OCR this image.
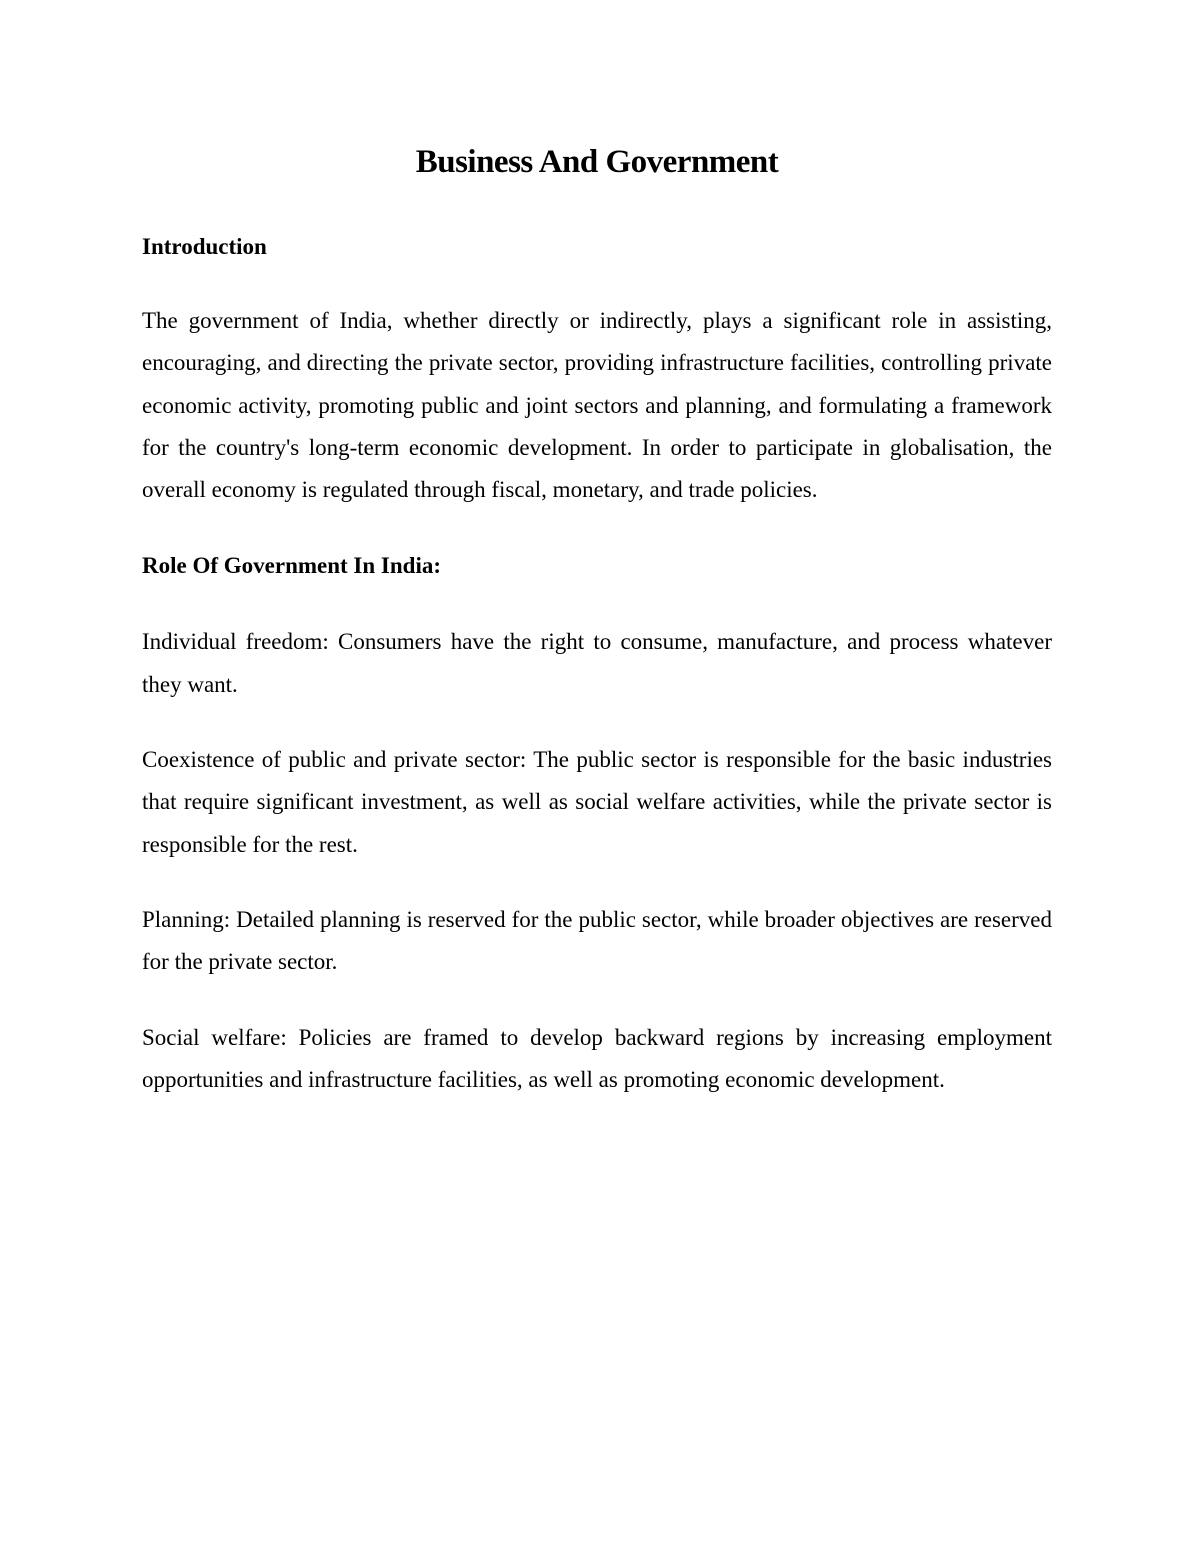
Business And Government
Introduction

The government of India, whether directly or indirectly, plays a significant role in assisting, encouraging, and directing the private sector, providing infrastructure facilities, controlling private economic activity, promoting public and joint sectors and planning, and formulating a framework for the country's long-term economic development. In order to participate in globalisation, the overall economy is regulated through fiscal, monetary, and trade policies.

Role Of Government In India:

Individual freedom: Consumers have the right to consume, manufacture, and process whatever they want.

Coexistence of public and private sector: The public sector is responsible for the basic industries that require significant investment, as well as social welfare activities, while the private sector is responsible for the rest.

Planning: Detailed planning is reserved for the public sector, while broader objectives are reserved for the private sector.

Social welfare: Policies are framed to develop backward regions by increasing employment opportunities and infrastructure facilities, as well as promoting economic development.
